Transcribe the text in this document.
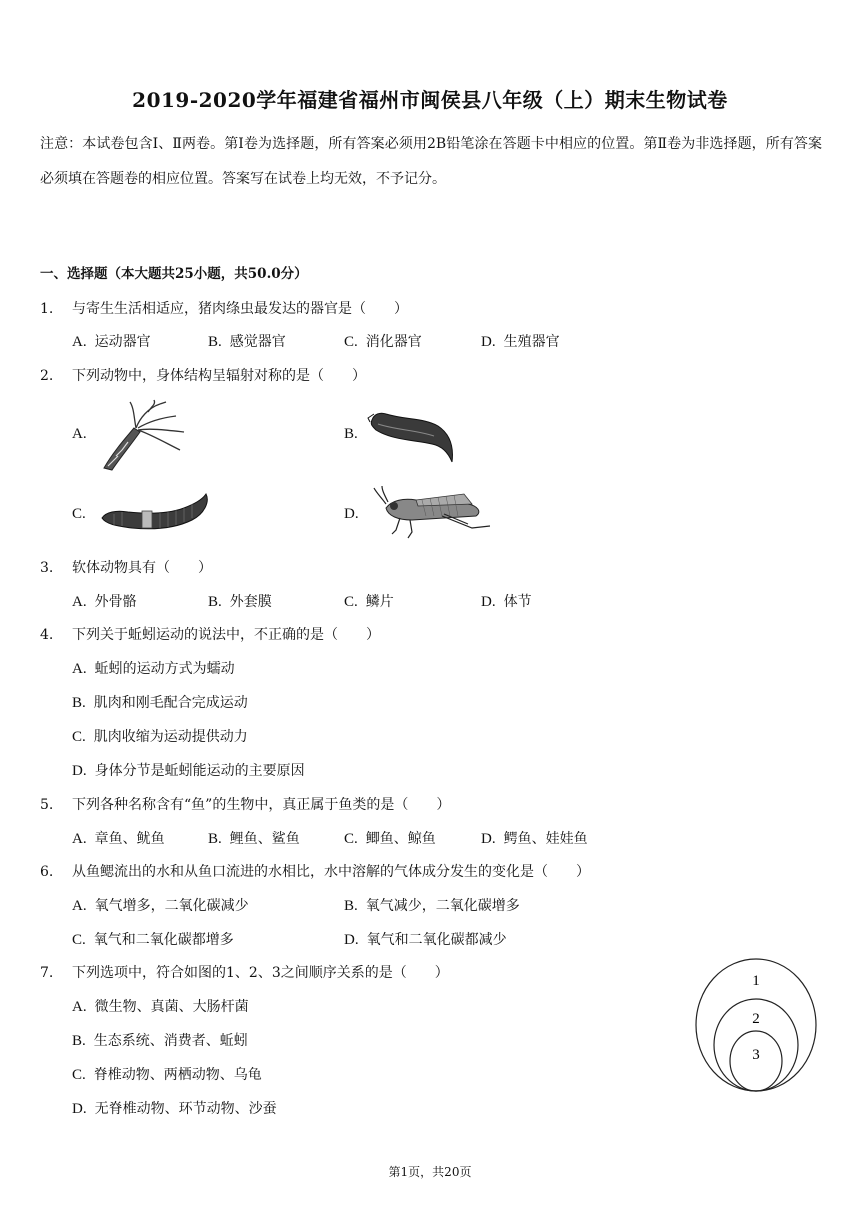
2019-2020学年福建省福州市闽侯县八年级（上）期末生物试卷
注意：本试卷包含Ⅰ、Ⅱ两卷。第Ⅰ卷为选择题，所有答案必须用2B铅笔涂在答题卡中相应的位置。第Ⅱ卷为非选择题，所有答案必须填在答题卷的相应位置。答案写在试卷上均无效，不予记分。
一、选择题（本大题共25小题，共50.0分）
1. 与寄生生活相适应，猪肉绦虫最发达的器官是（　　）
A. 运动器官	B. 感觉器官	C. 消化器官	D. 生殖器官
2. 下列动物中，身体结构呈辐射对称的是（　　）
A.	B.
C.	D.
3. 软体动物具有（　　）
A. 外骨骼	B. 外套膜	C. 鳞片	D. 体节
4. 下列关于蚯蚓运动的说法中，不正确的是（　　）
A. 蚯蚓的运动方式为蠕动
B. 肌肉和刚毛配合完成运动
C. 肌肉收缩为运动提供动力
D. 身体分节是蚯蚓能运动的主要原因
5. 下列各种名称含有“鱼”的生物中，真正属于鱼类的是（　　）
A. 章鱼、鱿鱼	B. 鲤鱼、鲨鱼	C. 鲫鱼、鲸鱼	D. 鳄鱼、娃娃鱼
6. 从鱼鳃流出的水和从鱼口流进的水相比，水中溶解的气体成分发生的变化是（　　）
A. 氧气增多，二氧化碳减少	B. 氧气减少，二氧化碳增多
C. 氧气和二氧化碳都增多	D. 氧气和二氧化碳都减少
7. 下列选项中，符合如图的1、2、3之间顺序关系的是（　　）
A. 微生物、真菌、大肠杆菌
B. 生态系统、消费者、蚯蚓
C. 脊椎动物、两栖动物、乌龟
D. 无脊椎动物、环节动物、沙蚕
1
2
3
第1页，共20页
